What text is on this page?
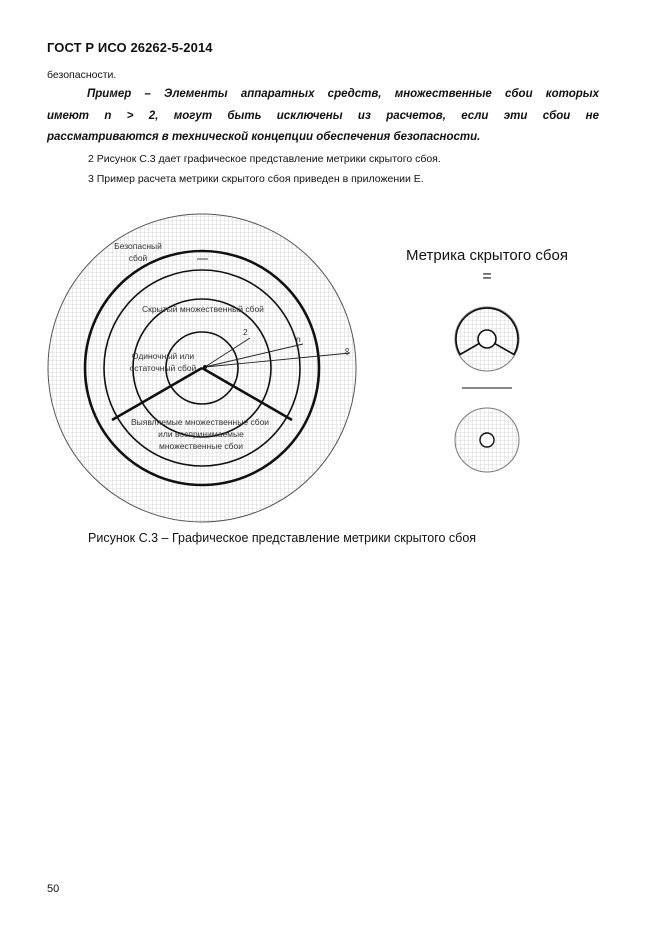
ГОСТ Р ИСО 26262-5-2014
безопасности.
Пример – Элементы аппаратных средств, множественные сбои которых
имеют n > 2, могут быть исключены из расчетов, если эти сбои не
рассматриваются в технической концепции обеспечения безопасности.
2 Рисунок С.3 дает графическое представление метрики скрытого сбоя.
3 Пример расчета метрики скрытого сбоя приведен в приложении Е.
Безопасный
сбой
Скрытый множественный сбой
Одиночный или
остаточный сбой
Выявляемые множественные сбои
или воспринимаемые
множественные сбои
2
n
∞
Метрика скрытого сбоя
=
Рисунок С.3 – Графическое представление метрики скрытого сбоя
50
